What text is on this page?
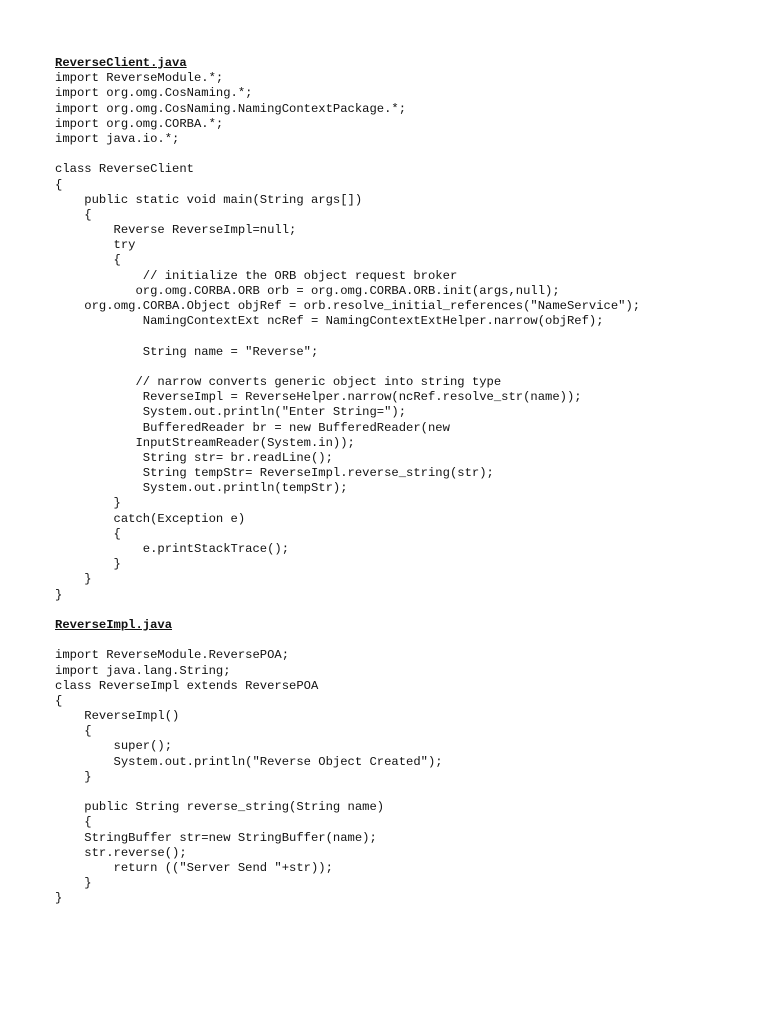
ReverseClient.java
import ReverseModule.*;
import org.omg.CosNaming.*;
import org.omg.CosNaming.NamingContextPackage.*;
import org.omg.CORBA.*;
import java.io.*;
class ReverseClient
{
public static void main(String args[])
{
Reverse ReverseImpl=null;
try
{
// initialize the ORB object request broker
org.omg.CORBA.ORB orb = org.omg.CORBA.ORB.init(args,null);
org.omg.CORBA.Object objRef = orb.resolve_initial_references("NameService");
NamingContextExt ncRef = NamingContextExtHelper.narrow(objRef);
String name = "Reverse";
// narrow converts generic object into string type
ReverseImpl = ReverseHelper.narrow(ncRef.resolve_str(name));
System.out.println("Enter String=");
BufferedReader br = new BufferedReader(new
InputStreamReader(System.in));
String str= br.readLine();
String tempStr= ReverseImpl.reverse_string(str);
System.out.println(tempStr);
}
catch(Exception e)
{
e.printStackTrace();
}
}
}
ReverseImpl.java
import ReverseModule.ReversePOA;
import java.lang.String;
class ReverseImpl extends ReversePOA
{
ReverseImpl()
{
super();
System.out.println("Reverse Object Created");
}
public String reverse_string(String name)
{
StringBuffer str=new StringBuffer(name);
str.reverse();
return (("Server Send "+str));
}
}
